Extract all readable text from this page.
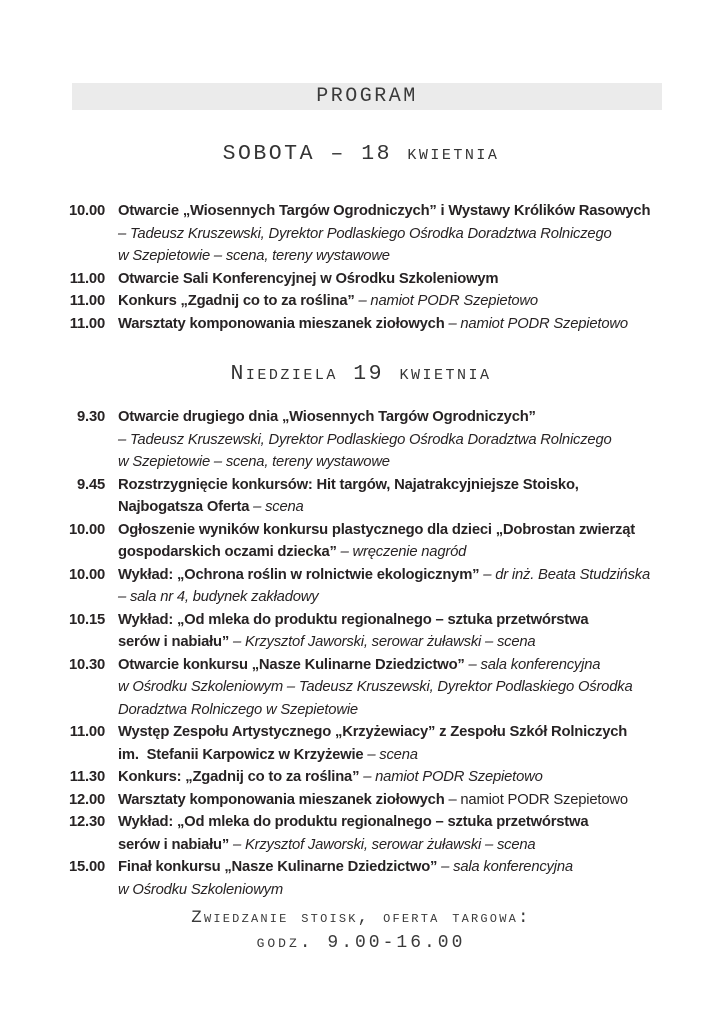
PROGRAM
SOBOTA – 18 kwietnia
10.00 Otwarcie „Wiosennych Targów Ogrodniczych” i Wystawy Królików Rasowych
– Tadeusz Kruszewski, Dyrektor Podlaskiego Ośrodka Doradztwa Rolniczego
w Szepietowie – scena, tereny wystawowe
11.00 Otwarcie Sali Konferencyjnej w Ośrodku Szkoleniowym
11.00 Konkurs „Zgadnij co to za roślina” – namiot PODR Szepietowo
11.00 Warsztaty komponowania mieszanek ziołowych – namiot PODR Szepietowo
Niedziela 19 kwietnia
9.30 Otwarcie drugiego dnia „Wiosennych Targów Ogrodniczych”
– Tadeusz Kruszewski, Dyrektor Podlaskiego Ośrodka Doradztwa Rolniczego
w Szepietowie – scena, tereny wystawowe
9.45 Rozstrzygnięcie konkursów: Hit targów, Najatrakcyjniejsze Stoisko,
Najbogatsza Oferta – scena
10.00 Ogłoszenie wyników konkursu plastycznego dla dzieci „Dobrostan zwierząt
gospodarskich oczami dziecka” – wręczenie nagród
10.00 Wykład: „Ochrona roślin w rolnictwie ekologicznym” – dr inż. Beata Studzińska
– sala nr 4, budynek zakładowy
10.15 Wykład: „Od mleka do produktu regionalnego – sztuka przetwórstwa
serów i nabiału” – Krzysztof Jaworski, serowar żuławski – scena
10.30 Otwarcie konkursu „Nasze Kulinarne Dziedzictwo” – sala konferencyjna
w Ośrodku Szkoleniowym – Tadeusz Kruszewski, Dyrektor Podlaskiego Ośrodka
Doradztwa Rolniczego w Szepietowie
11.00 Występ Zespołu Artystycznego „Krzyżewiacy” z Zespołu Szkół Rolniczych
im.  Stefanii Karpowicz w Krzyżewie – scena
11.30 Konkurs: „Zgadnij co to za roślina” – namiot PODR Szepietowo
12.00 Warsztaty komponowania mieszanek ziołowych – namiot PODR Szepietowo
12.30 Wykład: „Od mleka do produktu regionalnego – sztuka przetwórstwa
serów i nabiału” – Krzysztof Jaworski, serowar żuławski – scena
15.00 Finał konkursu „Nasze Kulinarne Dziedzictwo” – sala konferencyjna
w Ośrodku Szkoleniowym
Zwiedzanie stoisk, oferta targowa:
godz. 9.00-16.00
